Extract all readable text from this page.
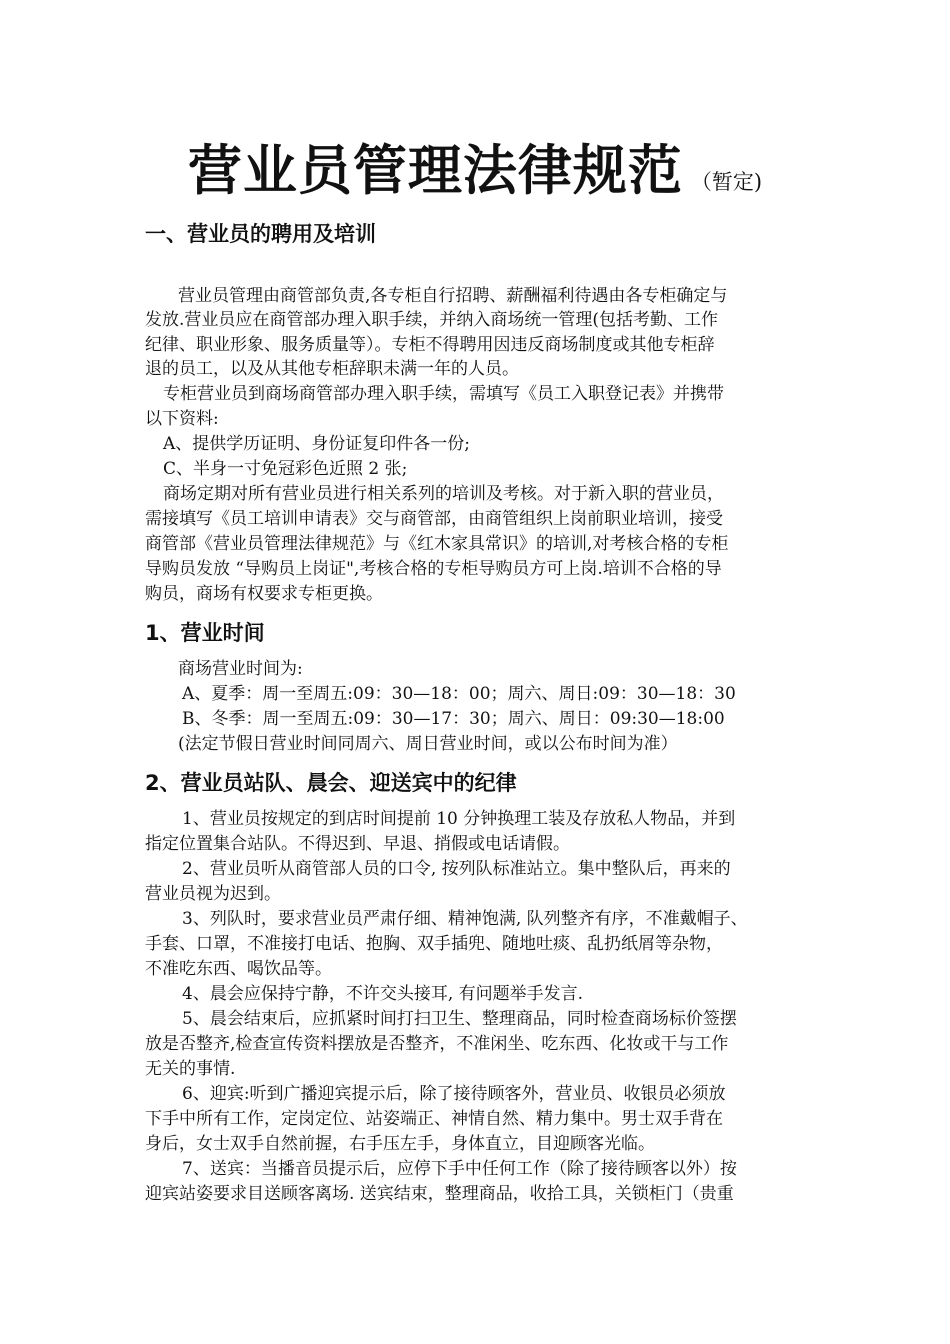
营业员管理法律规范 （暂定)
一、营业员的聘用及培训
营业员管理由商管部负责,各专柜自行招聘、薪酬福利待遇由各专柜确定与
发放.营业员应在商管部办理入职手续，并纳入商场统一管理(包括考勤、工作
纪律、职业形象、服务质量等）。专柜不得聘用因违反商场制度或其他专柜辞
退的员工，以及从其他专柜辞职未满一年的人员。
专柜营业员到商场商管部办理入职手续，需填写《员工入职登记表》并携带
以下资料:
A、提供学历证明、身份证复印件各一份;
C、半身一寸免冠彩色近照 2 张;
商场定期对所有营业员进行相关系列的培训及考核。对于新入职的营业员，
需接填写《员工培训申请表》交与商管部，由商管组织上岗前职业培训，接受
商管部《营业员管理法律规范》与《红木家具常识》的培训,对考核合格的专柜
导购员发放 “导购员上岗证",考核合格的专柜导购员方可上岗.培训不合格的导
购员，商场有权要求专柜更换。
1、营业时间
商场营业时间为:
A、夏季：周一至周五:09：30—18：00；周六、周日:09：30—18：30
B、冬季：周一至周五:09：30—17：30；周六、周日：09:30—18:00
(法定节假日营业时间同周六、周日营业时间，或以公布时间为准）
2、营业员站队、晨会、迎送宾中的纪律
1、营业员按规定的到店时间提前 10 分钟换理工装及存放私人物品，并到
指定位置集合站队。不得迟到、早退、捎假或电话请假。
2、营业员听从商管部人员的口令, 按列队标准站立。集中整队后，再来的
营业员视为迟到。
3、列队时，要求营业员严肃仔细、精神饱满, 队列整齐有序，不准戴帽子、
手套、口罩，不准接打电话、抱胸、双手插兜、随地吐痰、乱扔纸屑等杂物，
不准吃东西、喝饮品等。
4、晨会应保持宁静，不许交头接耳, 有问题举手发言.
5、晨会结束后，应抓紧时间打扫卫生、整理商品，同时检查商场标价签摆
放是否整齐,检查宣传资料摆放是否整齐，不准闲坐、吃东西、化妆或干与工作
无关的事情.
6、迎宾:听到广播迎宾提示后，除了接待顾客外，营业员、收银员必须放
下手中所有工作，定岗定位、站姿端正、神情自然、精力集中。男士双手背在
身后，女士双手自然前握，右手压左手，身体直立，目迎顾客光临。
7、送宾：当播音员提示后，应停下手中任何工作（除了接待顾客以外）按
迎宾站姿要求目送顾客离场. 送宾结束，整理商品，收拾工具，关锁柜门（贵重
